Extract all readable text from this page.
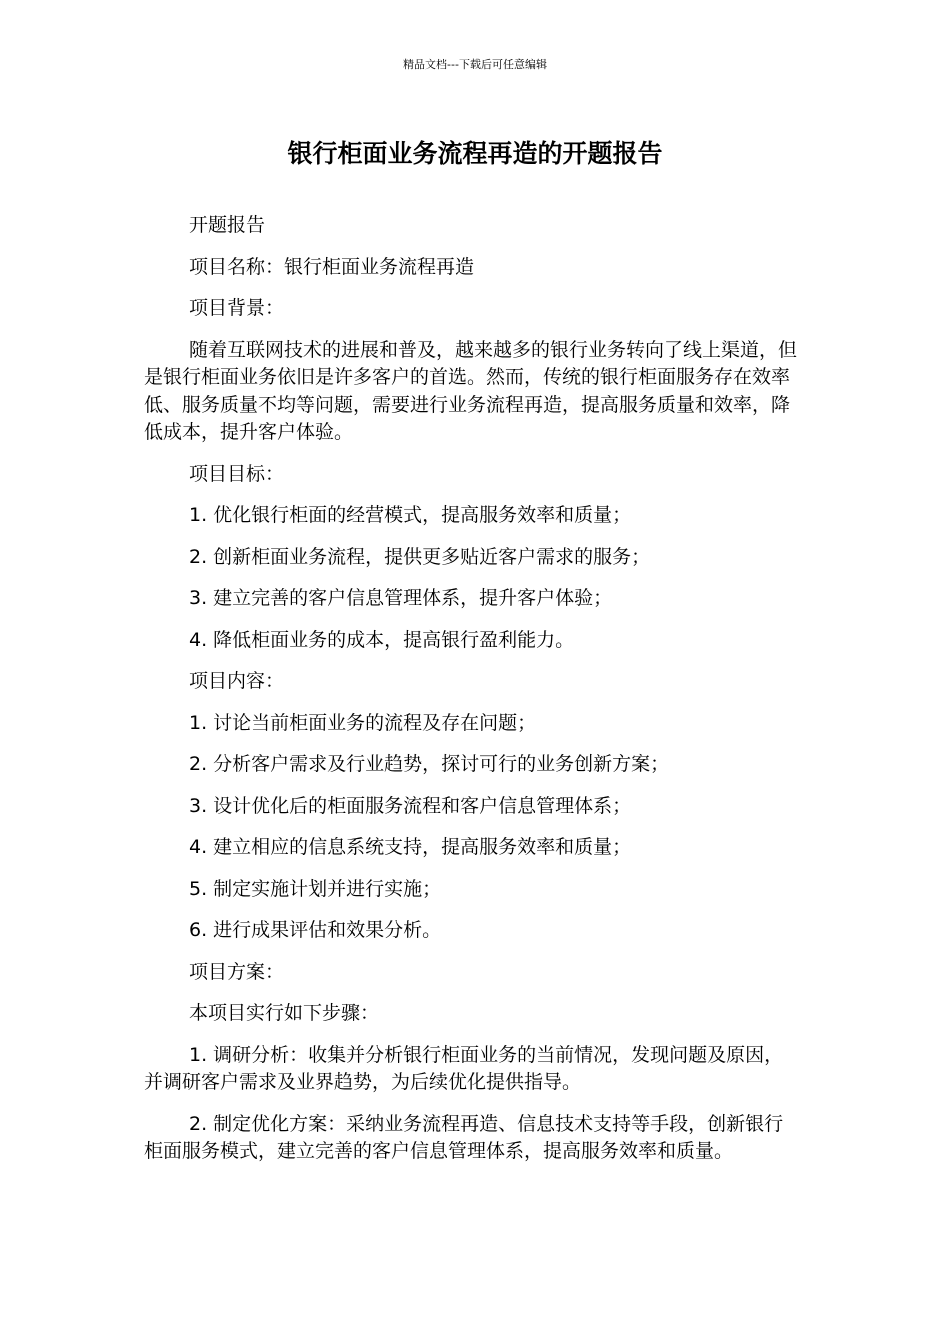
精品文档---下载后可任意编辑
银行柜面业务流程再造的开题报告

开题报告

项目名称：银行柜面业务流程再造

项目背景：

随着互联网技术的进展和普及，越来越多的银行业务转向了线上渠道，但是银行柜面业务依旧是许多客户的首选。然而，传统的银行柜面服务存在效率低、服务质量不均等问题，需要进行业务流程再造，提高服务质量和效率，降低成本，提升客户体验。

项目目标：

1. 优化银行柜面的经营模式，提高服务效率和质量；

2. 创新柜面业务流程，提供更多贴近客户需求的服务；

3. 建立完善的客户信息管理体系，提升客户体验；

4. 降低柜面业务的成本，提高银行盈利能力。

项目内容：

1. 讨论当前柜面业务的流程及存在问题；

2. 分析客户需求及行业趋势，探讨可行的业务创新方案；

3. 设计优化后的柜面服务流程和客户信息管理体系；

4. 建立相应的信息系统支持，提高服务效率和质量；

5. 制定实施计划并进行实施；

6. 进行成果评估和效果分析。

项目方案：

本项目实行如下步骤：

1. 调研分析：收集并分析银行柜面业务的当前情况，发现问题及原因，并调研客户需求及业界趋势，为后续优化提供指导。

2. 制定优化方案：采纳业务流程再造、信息技术支持等手段，创新银行柜面服务模式，建立完善的客户信息管理体系，提高服务效率和质量。
